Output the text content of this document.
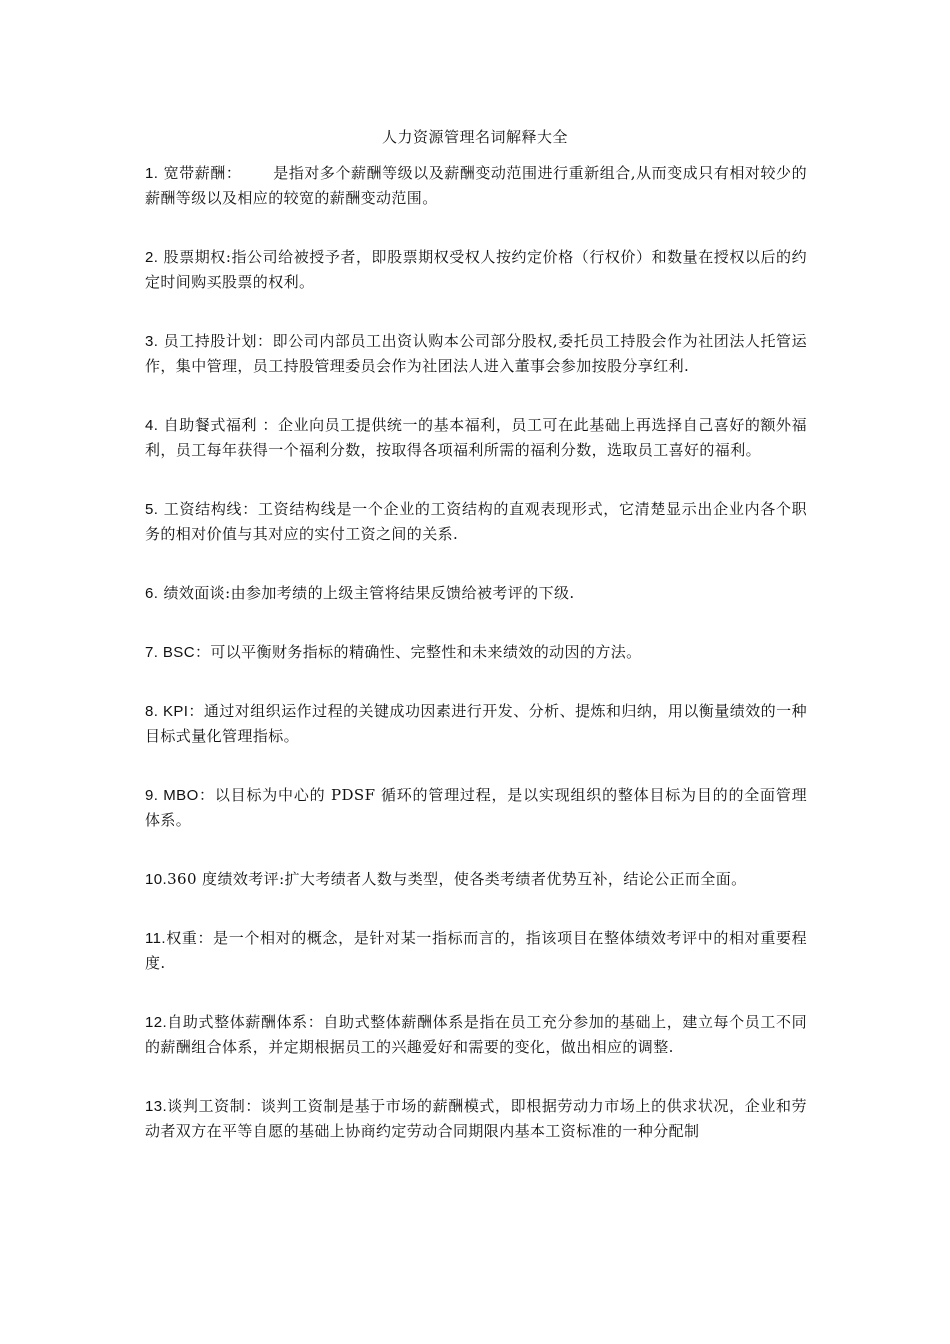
人力资源管理名词解释大全
1. 宽带薪酬：      是指对多个薪酬等级以及薪酬变动范围进行重新组合,从而变成只有相对较少的薪酬等级以及相应的较宽的薪酬变动范围。
2. 股票期权:指公司给被授予者，即股票期权受权人按约定价格（行权价）和数量在授权以后的约定时间购买股票的权利。
3. 员工持股计划：即公司内部员工出资认购本公司部分股权,委托员工持股会作为社团法人托管运作，集中管理，员工持股管理委员会作为社团法人进入董事会参加按股分享红利.
4. 自助餐式福利 ：企业向员工提供统一的基本福利，员工可在此基础上再选择自己喜好的额外福利，员工每年获得一个福利分数，按取得各项福利所需的福利分数，选取员工喜好的福利。
5. 工资结构线：工资结构线是一个企业的工资结构的直观表现形式，它清楚显示出企业内各个职务的相对价值与其对应的实付工资之间的关系.
6. 绩效面谈:由参加考绩的上级主管将结果反馈给被考评的下级.
7. BSC：可以平衡财务指标的精确性、完整性和未来绩效的动因的方法。
8. KPI：通过对组织运作过程的关键成功因素进行开发、分析、提炼和归纳，用以衡量绩效的一种目标式量化管理指标。
9. MBO：以目标为中心的 PDSF 循环的管理过程，是以实现组织的整体目标为目的的全面管理体系。
10.360 度绩效考评:扩大考绩者人数与类型，使各类考绩者优势互补，结论公正而全面。
11.权重：是一个相对的概念，是针对某一指标而言的，指该项目在整体绩效考评中的相对重要程度.
12.自助式整体薪酬体系：自助式整体薪酬体系是指在员工充分参加的基础上，建立每个员工不同的薪酬组合体系，并定期根据员工的兴趣爱好和需要的变化，做出相应的调整.
13.谈判工资制：谈判工资制是基于市场的薪酬模式，即根据劳动力市场上的供求状况，企业和劳动者双方在平等自愿的基础上协商约定劳动合同期限内基本工资标准的一种分配制
